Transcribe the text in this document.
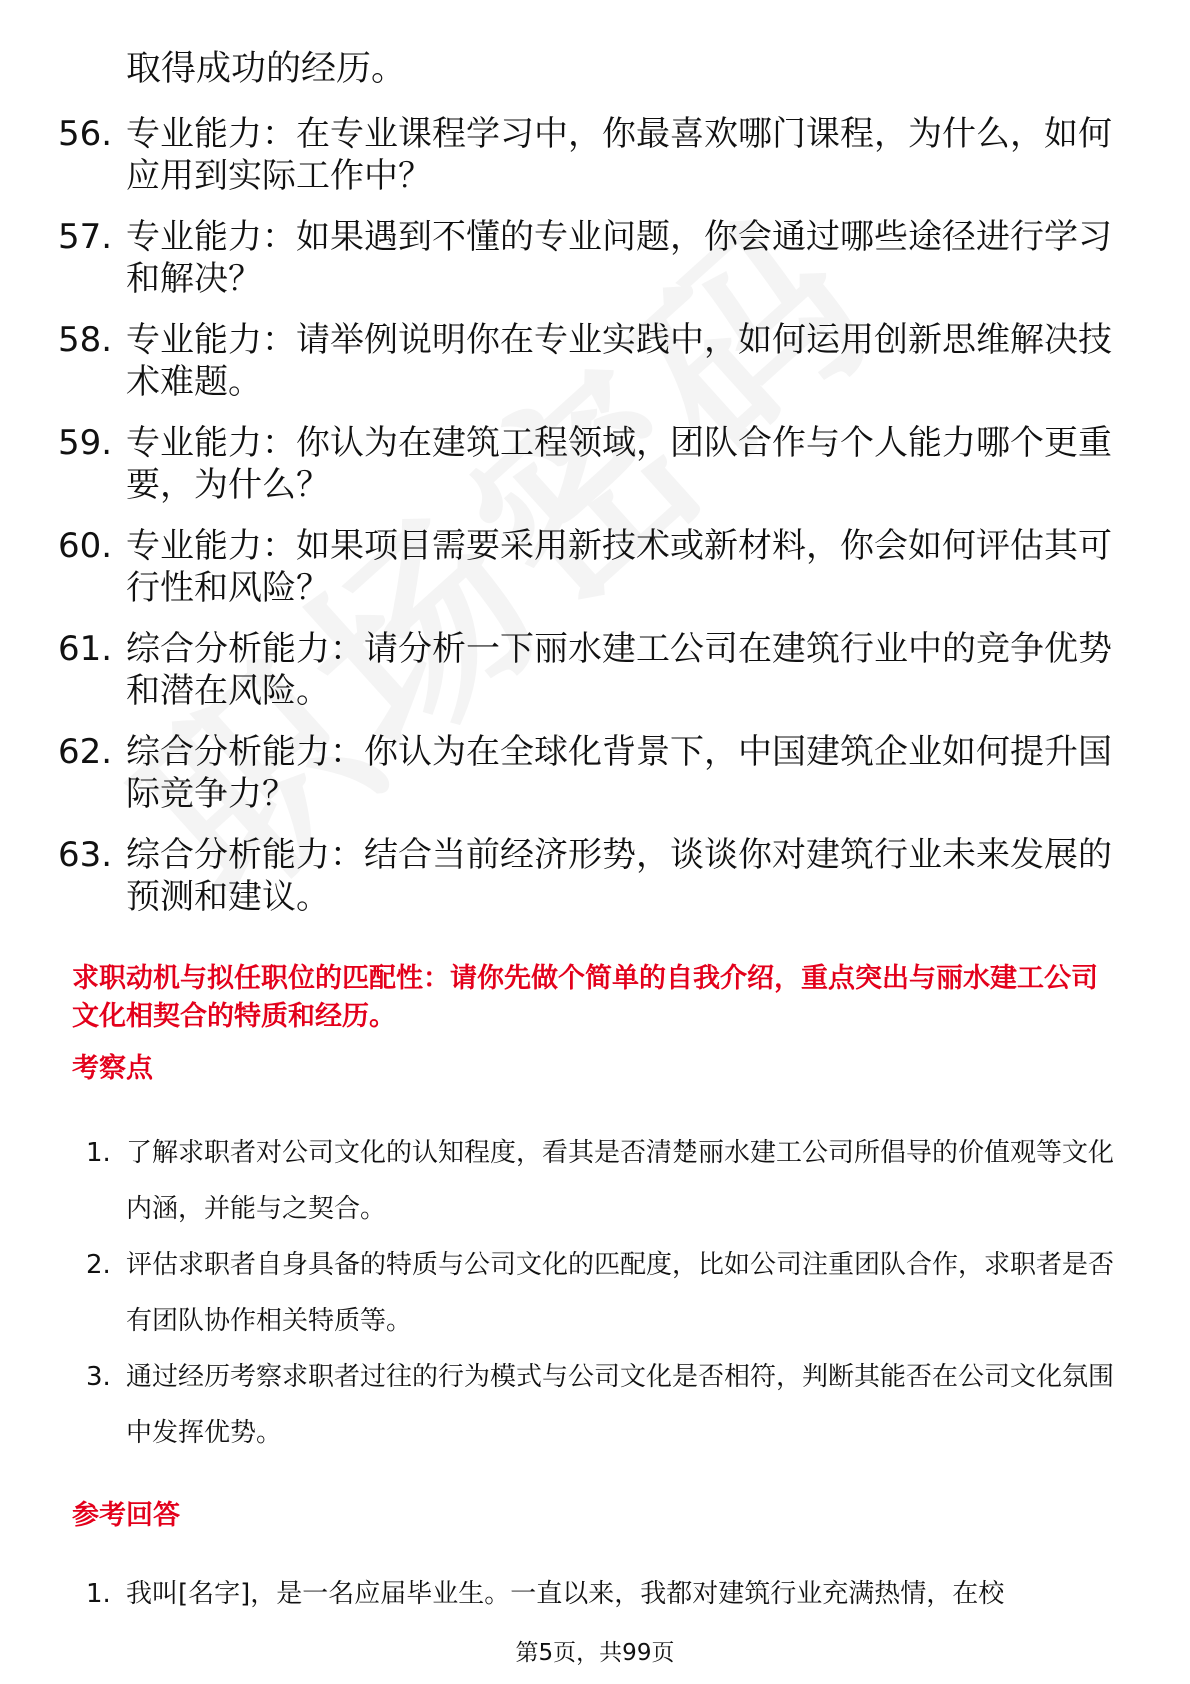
取得成功的经历。
56. 专业能力：在专业课程学习中，你最喜欢哪门课程，为什么，如何应用到实际工作中？
57. 专业能力：如果遇到不懂的专业问题，你会通过哪些途径进行学习和解决？
58. 专业能力：请举例说明你在专业实践中，如何运用创新思维解决技术难题。
59. 专业能力：你认为在建筑工程领域，团队合作与个人能力哪个更重要，为什么？
60. 专业能力：如果项目需要采用新技术或新材料，你会如何评估其可行性和风险？
61. 综合分析能力：请分析一下丽水建工公司在建筑行业中的竞争优势和潜在风险。
62. 综合分析能力：你认为在全球化背景下，中国建筑企业如何提升国际竞争力？
63. 综合分析能力：结合当前经济形势，谈谈你对建筑行业未来发展的预测和建议。
求职动机与拟任职位的匹配性：请你先做个简单的自我介绍，重点突出与丽水建工公司文化相契合的特质和经历。
考察点
1. 了解求职者对公司文化的认知程度，看其是否清楚丽水建工公司所倡导的价值观等文化内涵，并能与之契合。
2. 评估求职者自身具备的特质与公司文化的匹配度，比如公司注重团队合作，求职者是否有团队协作相关特质等。
3. 通过经历考察求职者过往的行为模式与公司文化是否相符，判断其能否在公司文化氛围中发挥优势。
参考回答
1. 我叫[名字]，是一名应届毕业生。一直以来，我都对建筑行业充满热情，在校
第5页，共99页
